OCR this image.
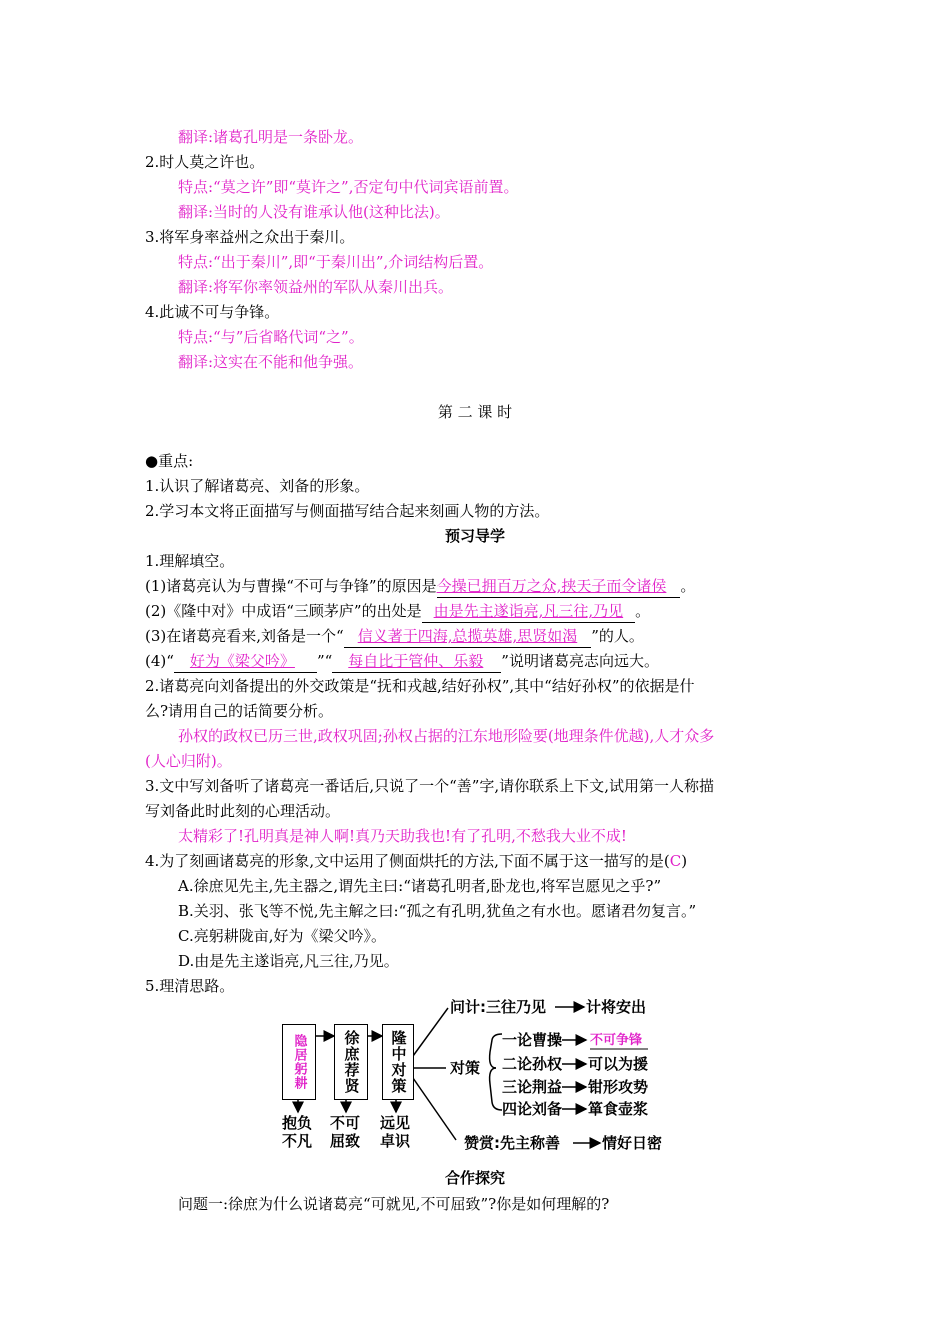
翻译:诸葛孔明是一条卧龙。
2.时人莫之许也。
特点:“莫之许”即“莫许之”,否定句中代词宾语前置。
翻译:当时的人没有谁承认他(这种比法)。
3.将军身率益州之众出于秦川。
特点:“出于秦川”,即“于秦川出”,介词结构后置。
翻译:将军你率领益州的军队从秦川出兵。
4.此诚不可与争锋。
特点:“与”后省略代词“之”。
翻译:这实在不能和他争强。
第 二 课 时
●重点:
1.认识了解诸葛亮、刘备的形象。
2.学习本文将正面描写与侧面描写结合起来刻画人物的方法。
预习导学
1.理解填空。
(1)诸葛亮认为与曹操“不可与争锋”的原因是今操已拥百万之众,挟天子而令诸侯 。
(2)《隆中对》中成语“三顾茅庐”的出处是 由是先主遂诣亮,凡三往,乃见 。
(3)在诸葛亮看来,刘备是一个“ 信义著于四海,总揽英雄,思贤如渴 ”的人。
(4)“ 好为《梁父吟》 ”“ 每自比于管仲、乐毅 ”说明诸葛亮志向远大。
2.诸葛亮向刘备提出的外交政策是“抚和戎越,结好孙权”,其中“结好孙权”的依据是什
么?请用自己的话简要分析。
孙权的政权已历三世,政权巩固;孙权占据的江东地形险要(地理条件优越),人才众多
(人心归附)。
3.文中写刘备听了诸葛亮一番话后,只说了一个“善”字,请你联系上下文,试用第一人称描
写刘备此时此刻的心理活动。
太精彩了!孔明真是神人啊!真乃天助我也!有了孔明,不愁我大业不成!
4.为了刻画诸葛亮的形象,文中运用了侧面烘托的方法,下面不属于这一描写的是(C)
A.徐庶见先主,先主器之,谓先主曰:“诸葛孔明者,卧龙也,将军岂愿见之乎?”
B.关羽、张飞等不悦,先主解之曰:“孤之有孔明,犹鱼之有水也。愿诸君勿复言。”
C.亮躬耕陇亩,好为《梁父吟》。
D.由是先主遂诣亮,凡三往,乃见。
5.理清思路。
隐居躬耕	徐庶荐贤	隆中对策
抱负
不凡
不可
屈致
远见
卓识
问计:三往乃见	计将安出
对策
一论曹操 不可争锋
二论孙权 可以为援
三论荆益 钳形攻势
四论刘备 箪食壶浆
赞赏:先主称善	情好日密
合作探究
问题一:徐庶为什么说诸葛亮“可就见,不可屈致”?你是如何理解的?
